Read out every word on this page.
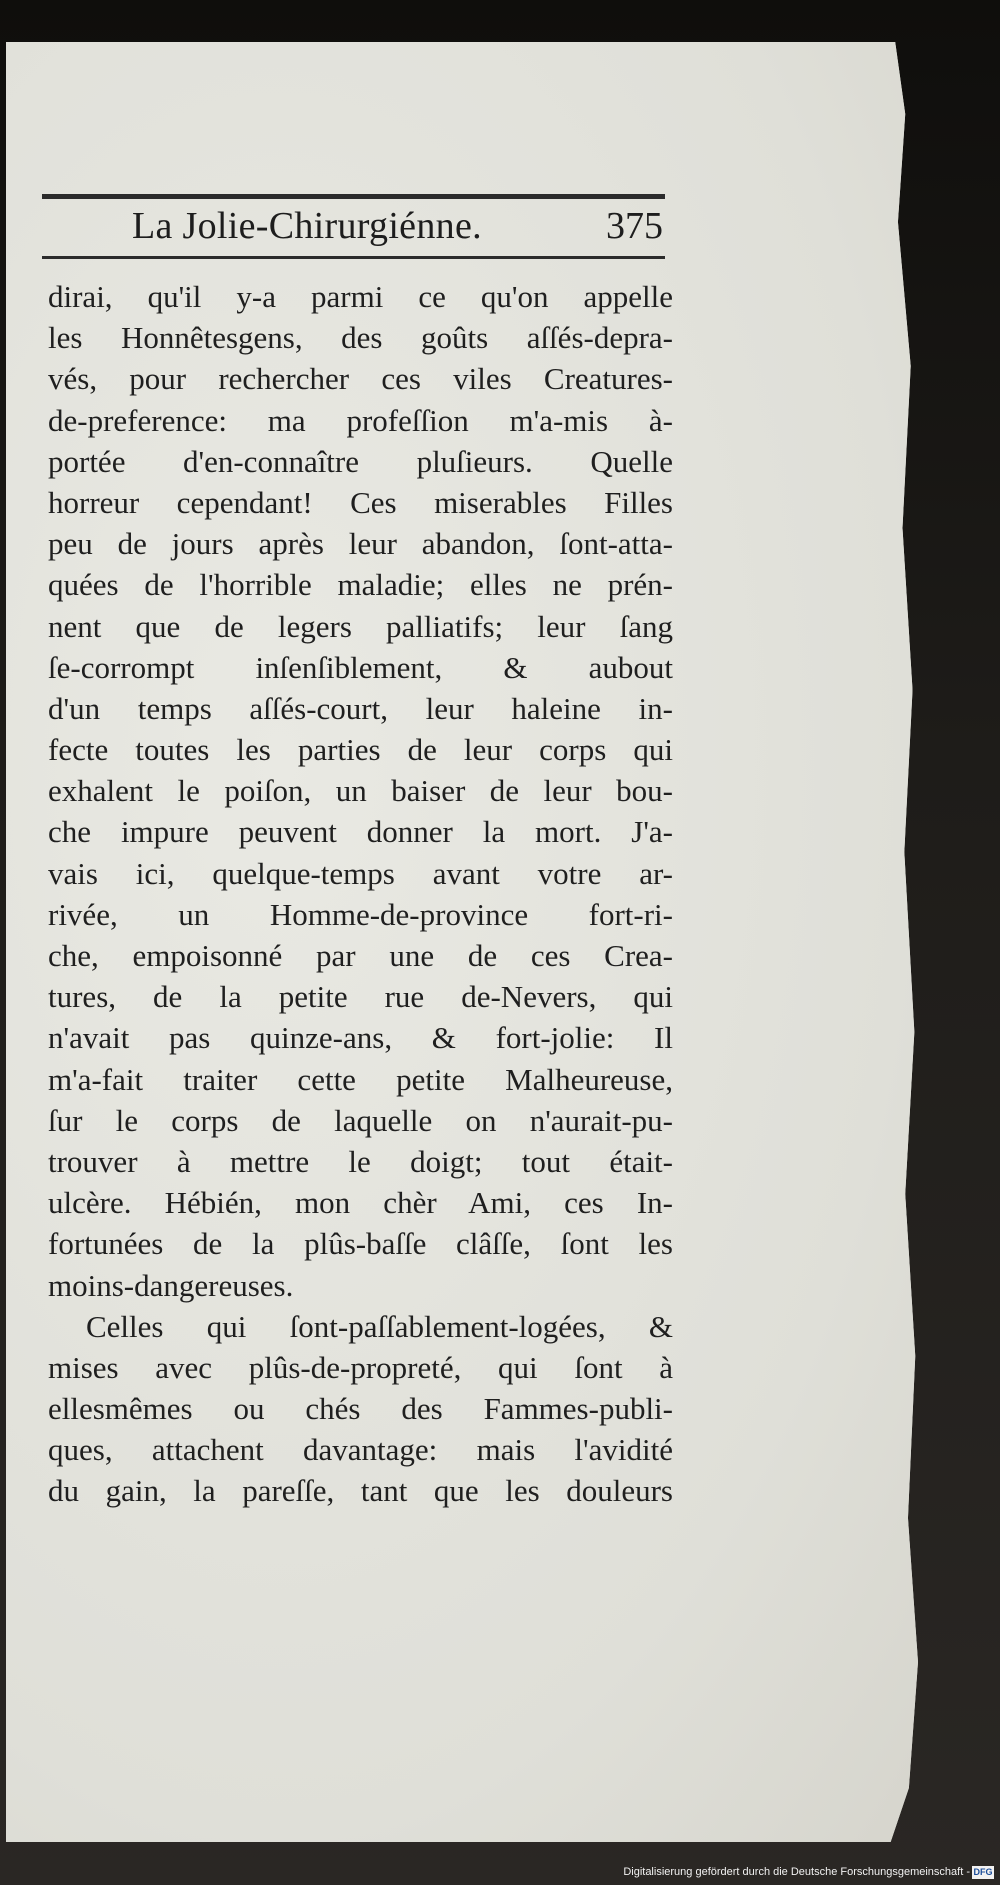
La Jolie-Chirurgiénne.	375
dirai, qu'il y-a parmi ce qu'on appelle
les Honnêtesgens, des goûts aſſés-depra-
vés, pour rechercher ces viles Creatures-
de-preference: ma profeſſion m'a-mis à-
portée d'en-connaître pluſieurs. Quelle
horreur cependant! Ces miserables Filles
peu de jours après leur abandon, ſont-atta-
quées de l'horrible maladie; elles ne prén-
nent que de legers palliatifs; leur ſang
ſe-corrompt inſenſiblement, & aubout
d'un temps aſſés-court, leur haleine in-
fecte toutes les parties de leur corps qui
exhalent le poiſon, un baiser de leur bou-
che impure peuvent donner la mort. J'a-
vais ici, quelque-temps avant votre ar-
rivée, un Homme-de-province fort-ri-
che, empoisonné par une de ces Crea-
tures, de la petite rue de-Nevers, qui
n'avait pas quinze-ans, & fort-jolie: Il
m'a-fait traiter cette petite Malheureuse,
ſur le corps de laquelle on n'aurait-pu-
trouver à mettre le doigt; tout était-
ulcère. Hébién, mon chèr Ami, ces In-
fortunées de la plûs-baſſe clâſſe, ſont les
moins-dangereuses.
Celles qui ſont-paſſablement-logées, &
mises avec plûs-de-propreté, qui ſont à
ellesmêmes ou chés des Fammes-publi-
ques, attachent davantage: mais l'avidité
du gain, la pareſſe, tant que les douleurs
Digitalisierung gefördert durch die Deutsche Forschungsgemeinschaft - DFG
